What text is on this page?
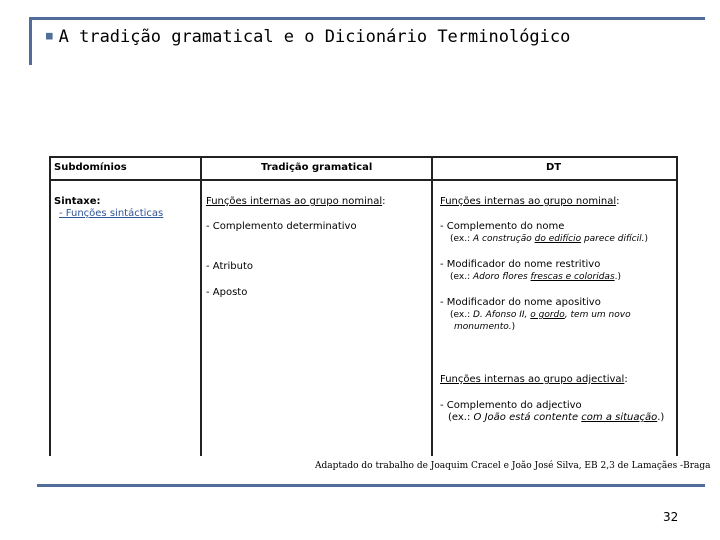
■ A tradição gramatical e o Dicionário Terminológico
Subdomínios	Tradição gramatical	DT
Sintaxe:
- Funções sintácticas
Funções internas ao grupo nominal:
- Complemento determinativo
- Atributo
- Aposto
Funções internas ao grupo nominal:
- Complemento do nome
(ex.: A construção do edifício parece difícil.)
- Modificador do nome restritivo
(ex.: Adoro flores frescas e coloridas.)
- Modificador do nome apositivo
(ex.: D. Afonso II, o gordo, tem um novo
monumento.)
Funções internas ao grupo adjectival:
- Complemento do adjectivo
(ex.: O João está contente com a situação.)
Adaptado do trabalho de Joaquim Cracel e João José Silva, EB 2,3 de Lamaçães -Braga
32
